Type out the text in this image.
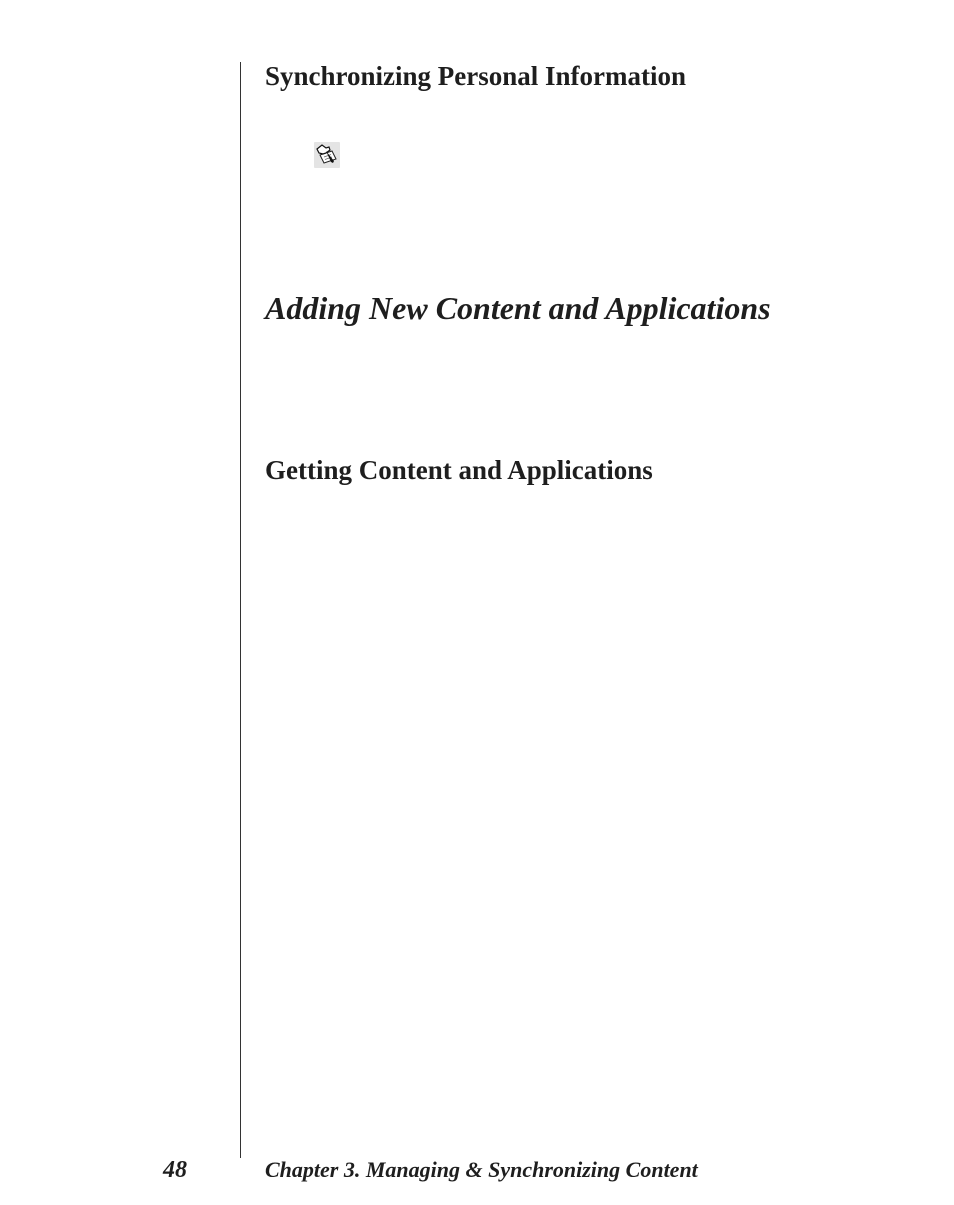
Synchronizing Personal Information
Adding New Content and Applications
Getting Content and Applications
48	Chapter 3. Managing & Synchronizing Content
